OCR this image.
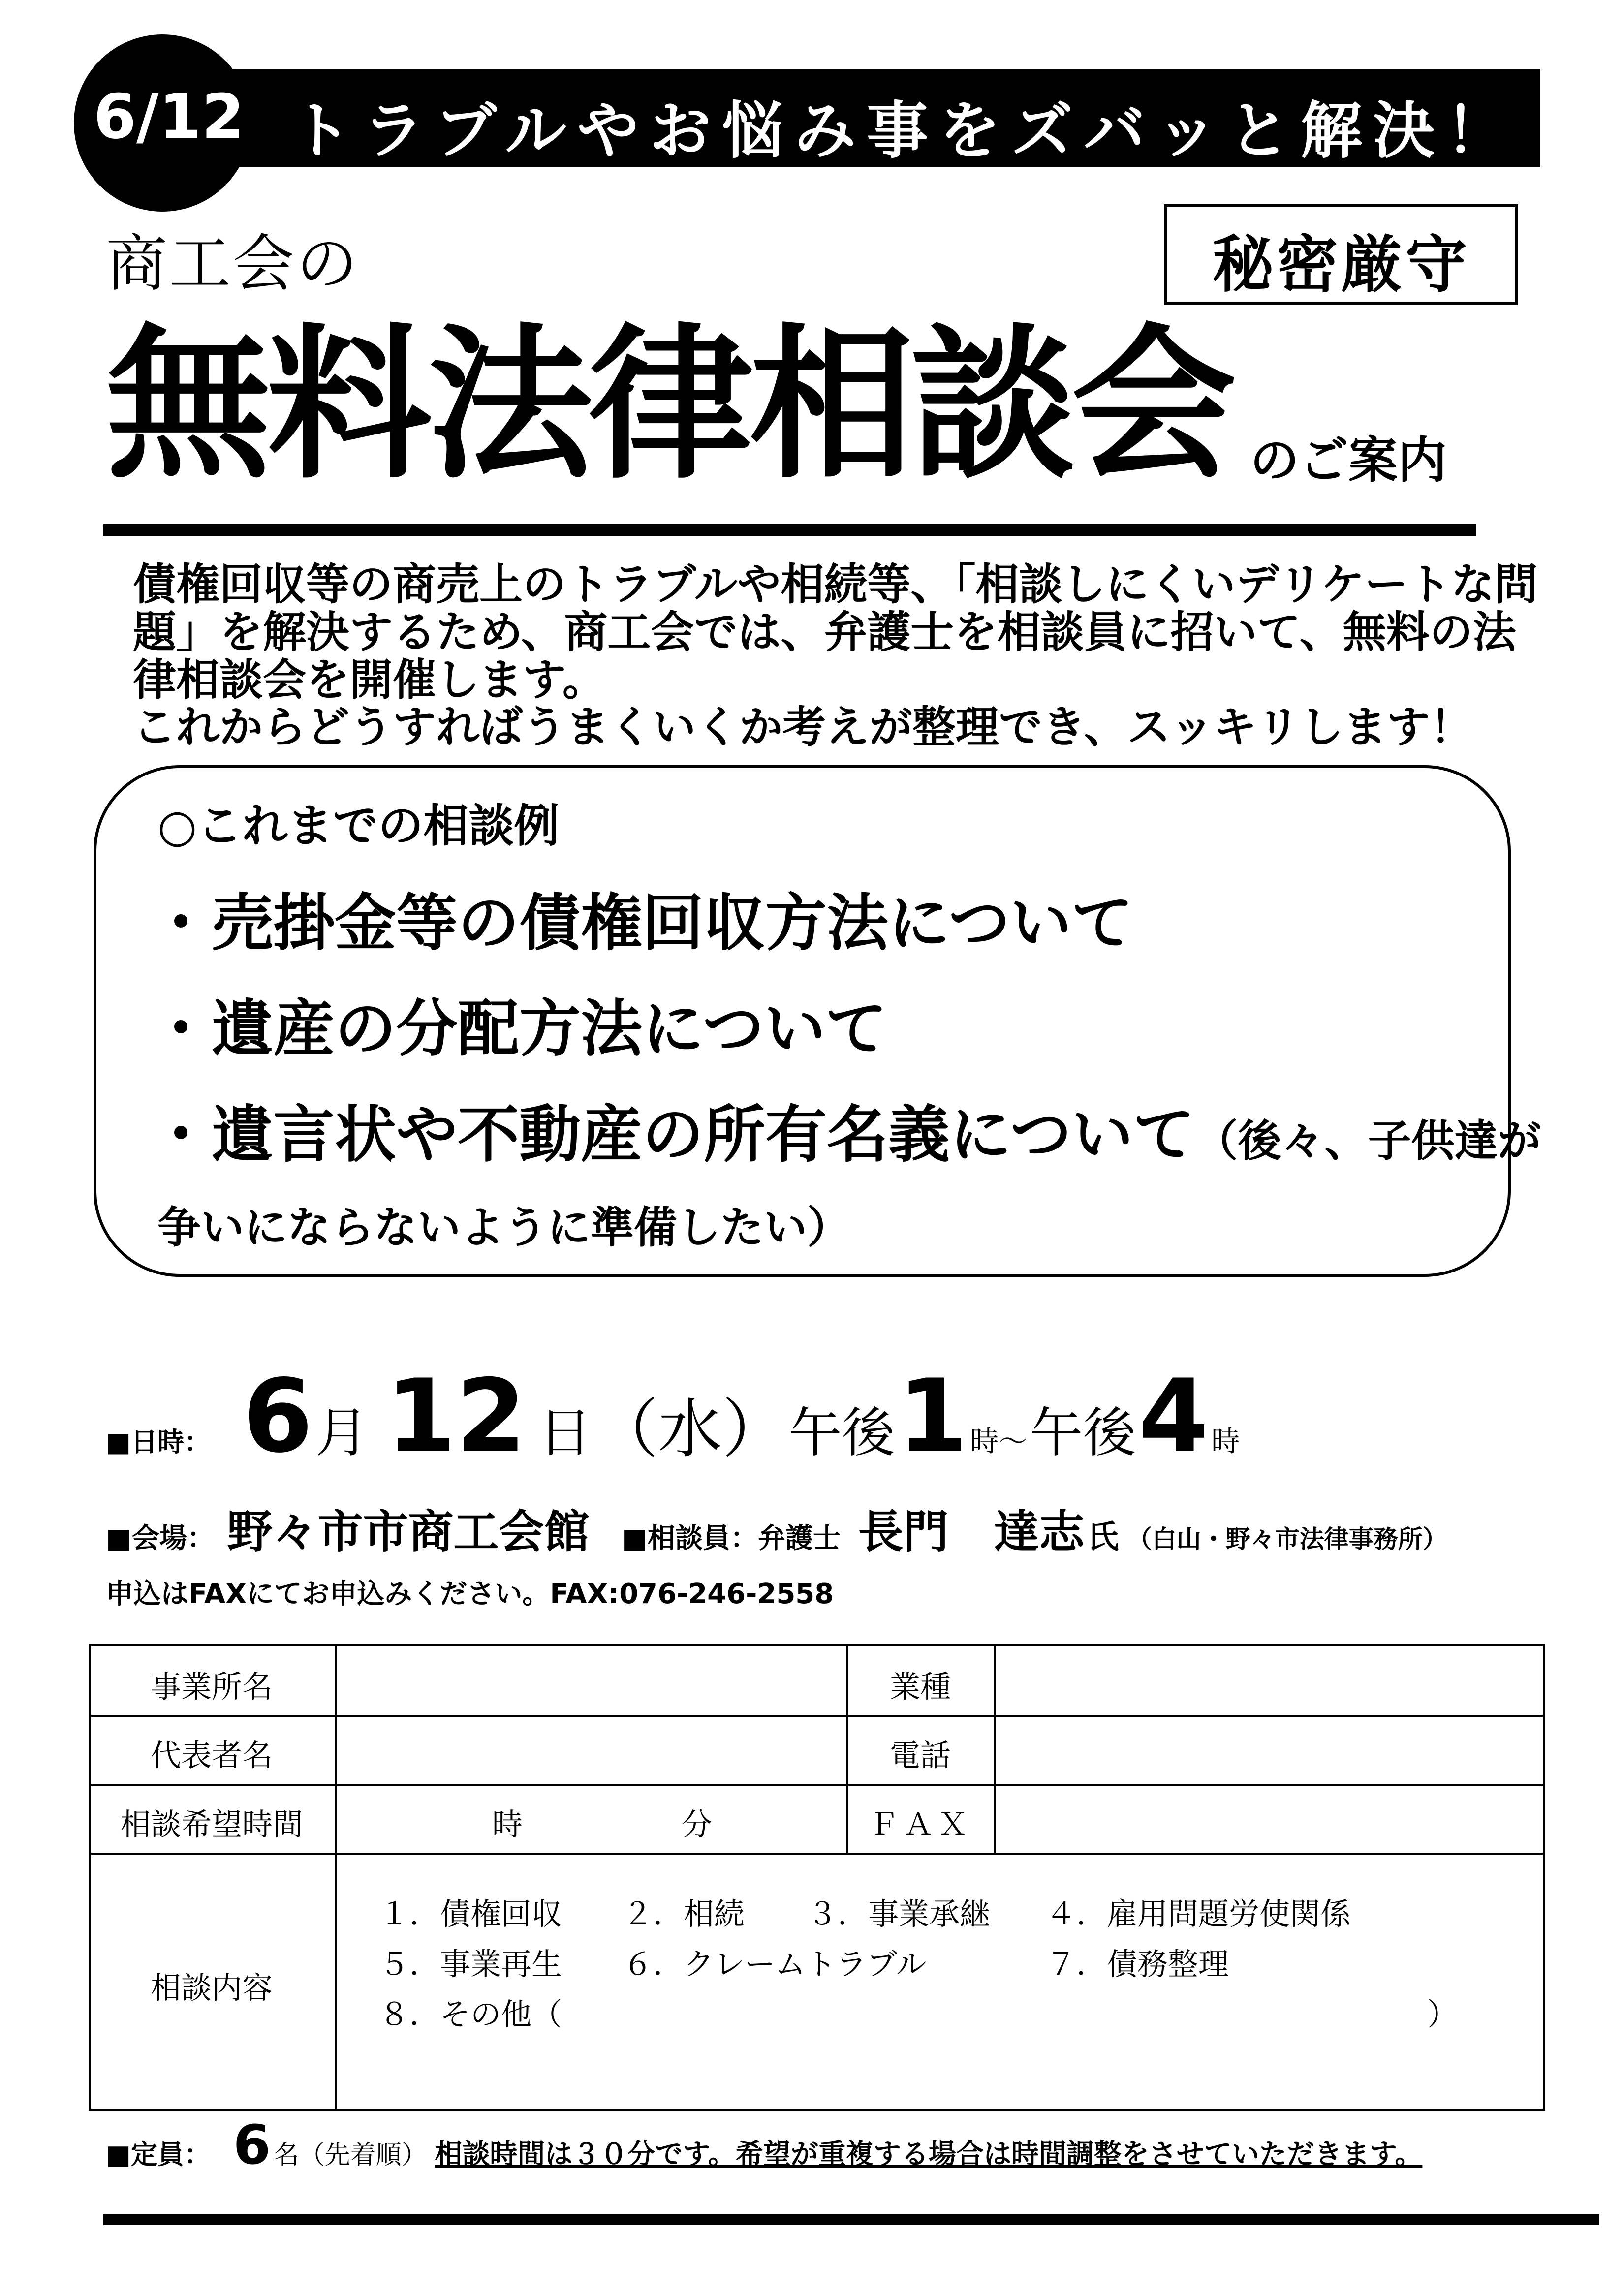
6/12 トラブルやお悩み事をズバッと解決！
商工会の	秘密厳守
無料法律相談会 のご案内
債権回収等の商売上のトラブルや相続等、「相談しにくいデリケートな問
題」を解決するため、商工会では、弁護士を相談員に招いて、無料の法
律相談会を開催します。
これからどうすればうまくいくか考えが整理でき、スッキリします！
○これまでの相談例
・売掛金等の債権回収方法について
・遺産の分配方法について
・遺言状や不動産の所有名義について（後々、子供達が
争いにならないように準備したい）
■日時： 6 月 12 日 （水） 午後 1 時～ 午後 4 時
■会場： 野々市市商工会館 ■相談員：弁護士 長門　達志 氏 （白山・野々市法律事務所）
申込はFAXにてお申込みください。FAX:076-246-2558
事業所名	業種
代表者名	電話
相談希望時間	時	分	ＦＡＸ
相談内容
１．債権回収 ２．相続 ３．事業承継 ４．雇用問題労使関係
５．事業再生 ６．クレームトラブル	７．債務整理
８．その他（	）
■定員： 6 名（先着順） 相談時間は３０分です。希望が重複する場合は時間調整をさせていただきます。
